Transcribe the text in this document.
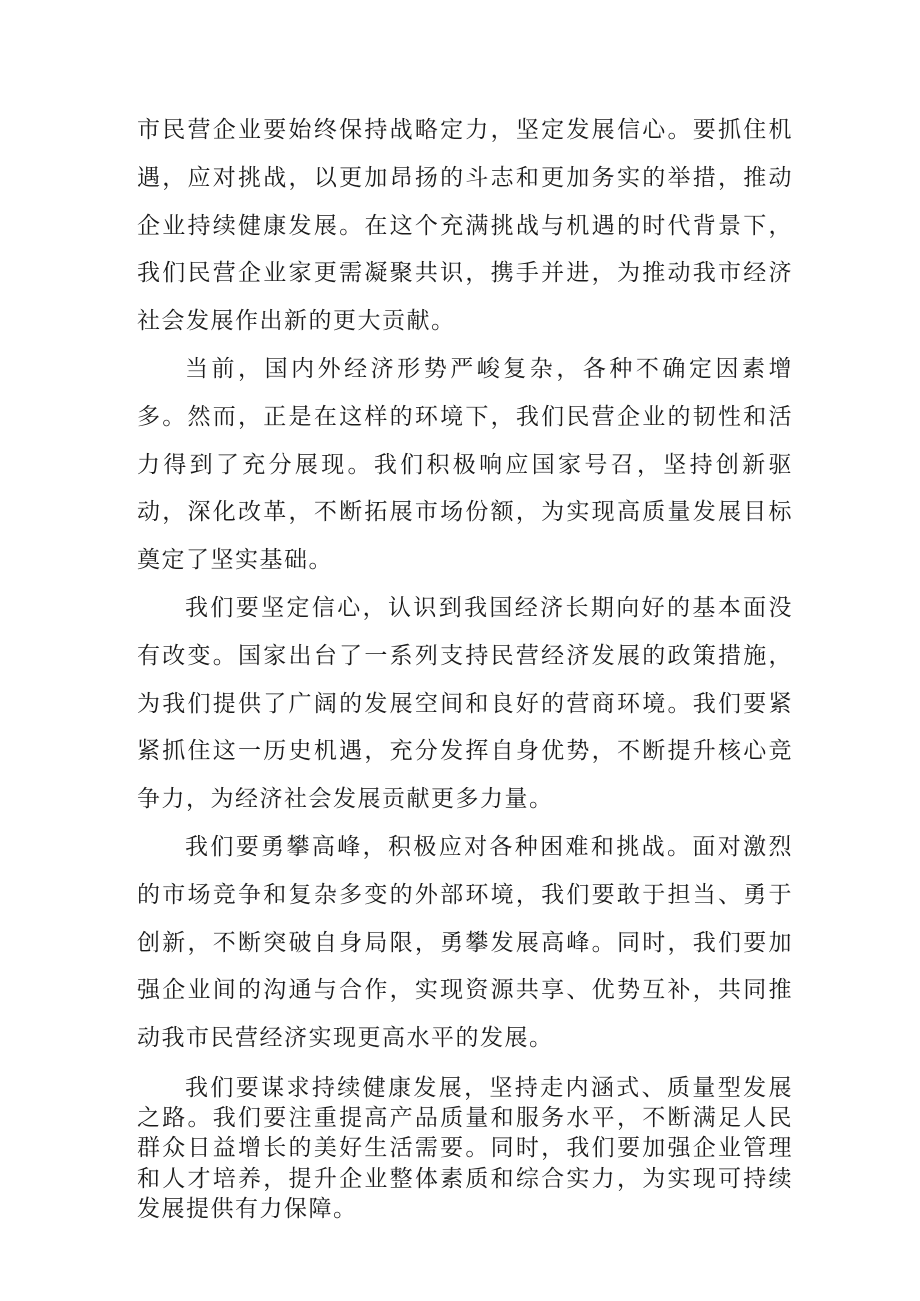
市民营企业要始终保持战略定力，坚定发展信心。要抓住机遇，应对挑战，以更加昂扬的斗志和更加务实的举措，推动企业持续健康发展。在这个充满挑战与机遇的时代背景下，我们民营企业家更需凝聚共识，携手并进，为推动我市经济社会发展作出新的更大贡献。

当前，国内外经济形势严峻复杂，各种不确定因素增多。然而，正是在这样的环境下，我们民营企业的韧性和活力得到了充分展现。我们积极响应国家号召，坚持创新驱动，深化改革，不断拓展市场份额，为实现高质量发展目标奠定了坚实基础。

我们要坚定信心，认识到我国经济长期向好的基本面没有改变。国家出台了一系列支持民营经济发展的政策措施，为我们提供了广阔的发展空间和良好的营商环境。我们要紧紧抓住这一历史机遇，充分发挥自身优势，不断提升核心竞争力，为经济社会发展贡献更多力量。

我们要勇攀高峰，积极应对各种困难和挑战。面对激烈的市场竞争和复杂多变的外部环境，我们要敢于担当、勇于创新，不断突破自身局限，勇攀发展高峰。同时，我们要加强企业间的沟通与合作，实现资源共享、优势互补，共同推动我市民营经济实现更高水平的发展。

我们要谋求持续健康发展，坚持走内涵式、质量型发展之路。我们要注重提高产品质量和服务水平，不断满足人民群众日益增长的美好生活需要。同时，我们要加强企业管理和人才培养，提升企业整体素质和综合实力，为实现可持续发展提供有力保障。
